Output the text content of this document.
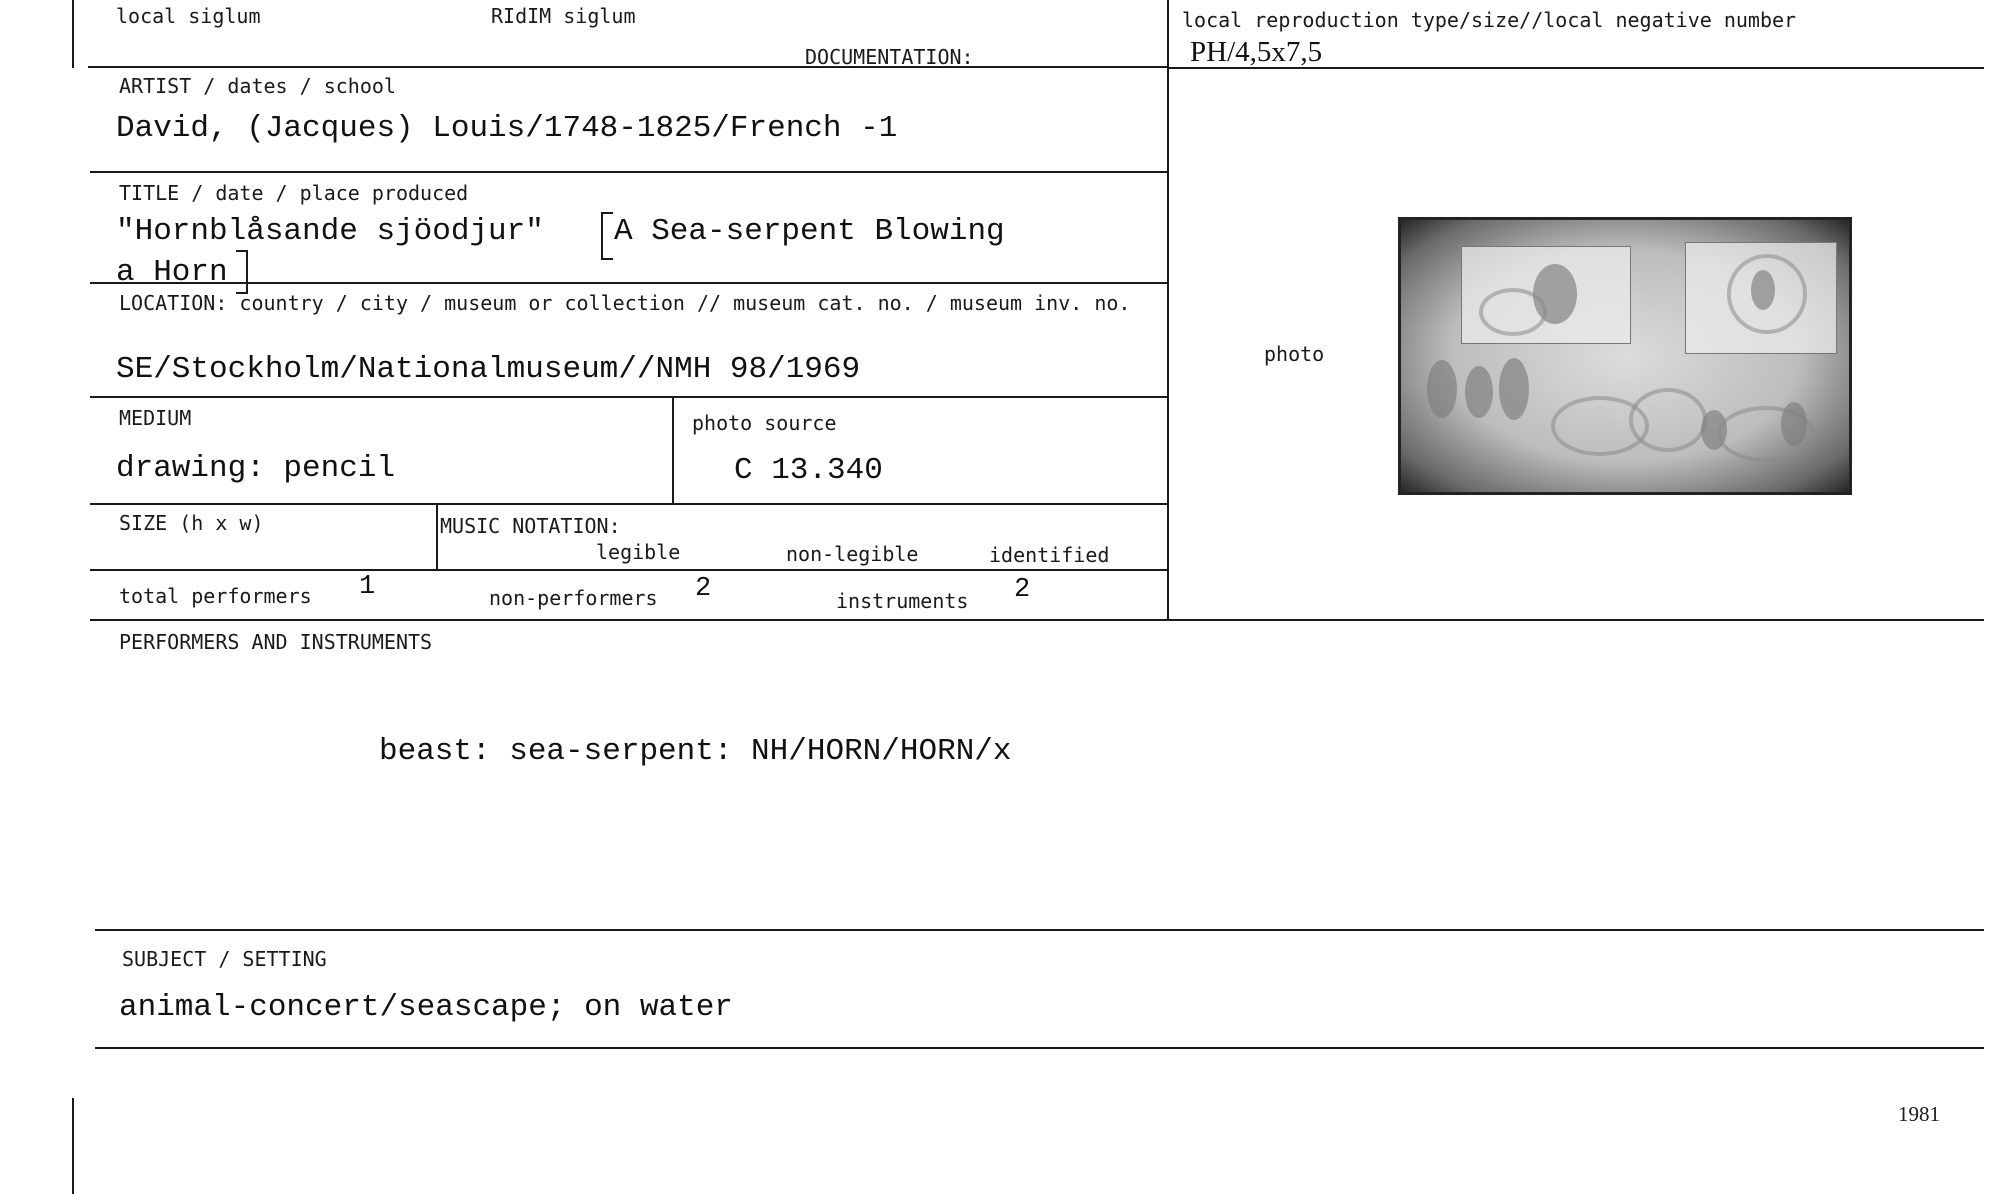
local siglum	RIdIM siglum
DOCUMENTATION:
local reproduction type/size//local negative number
PH/4,5x7,5
ARTIST / dates / school
David, (Jacques) Louis/1748-1825/French -1
TITLE / date / place produced
"Hornblåsande sjöodjur" A Sea-serpent Blowing
a Horn
LOCATION: country / city / museum or collection // museum cat. no. / museum inv. no.
SE/Stockholm/Nationalmuseum//NMH 98/1969
MEDIUM
drawing: pencil
photo source
C 13.340
SIZE (h x w)	MUSIC NOTATION:
legible	non-legible	identified
total performers 1	non-performers 2	instruments 2
photo
PERFORMERS AND INSTRUMENTS
beast: sea-serpent: NH/HORN/HORN/x
SUBJECT / SETTING
animal-concert/seascape; on water
1981
